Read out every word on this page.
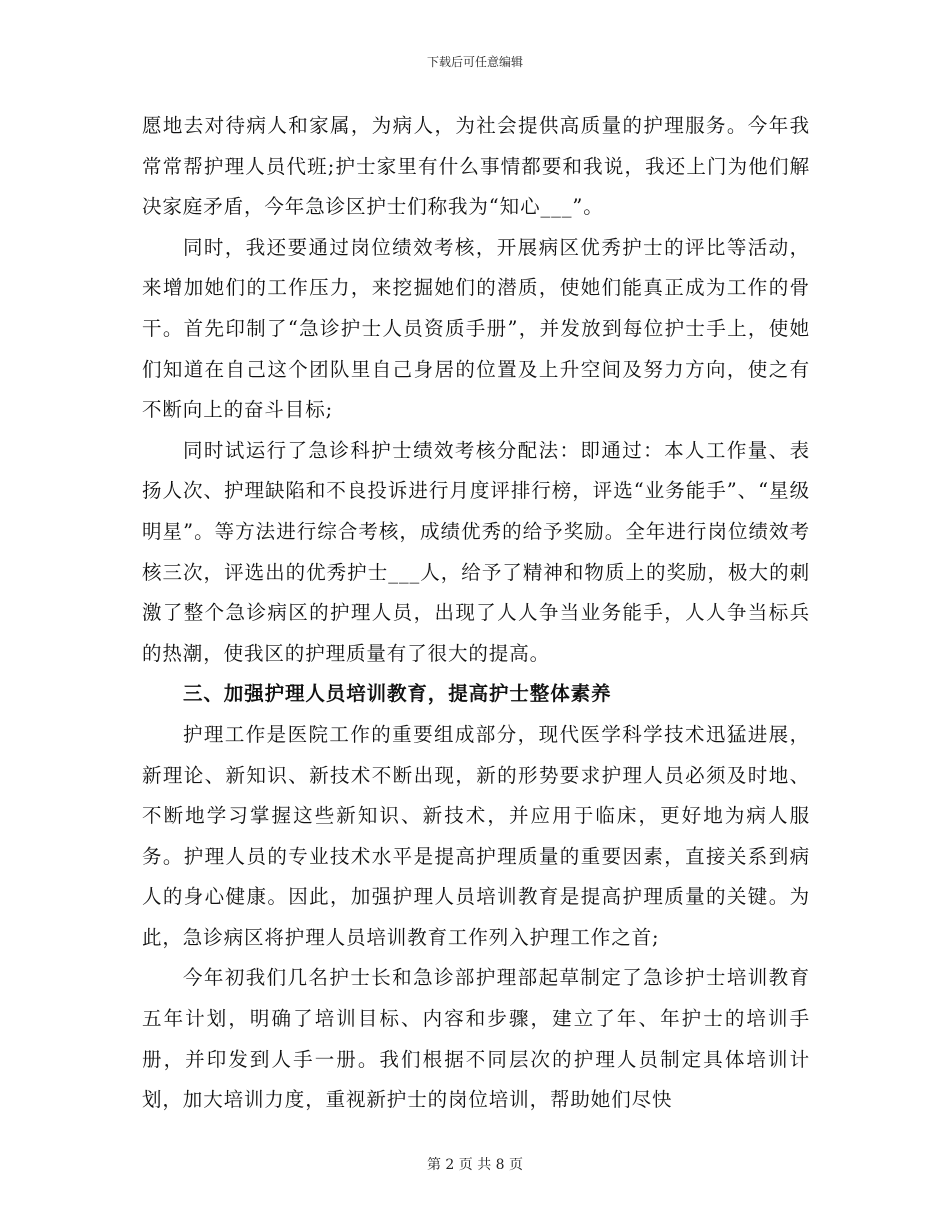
下载后可任意编辑

愿地去对待病人和家属，为病人，为社会提供高质量的护理服务。今年我常常帮护理人员代班;护士家里有什么事情都要和我说，我还上门为他们解决家庭矛盾，今年急诊区护士们称我为“知心___”。

同时，我还要通过岗位绩效考核，开展病区优秀护士的评比等活动，来增加她们的工作压力，来挖掘她们的潜质，使她们能真正成为工作的骨干。首先印制了“急诊护士人员资质手册”，并发放到每位护士手上，使她们知道在自己这个团队里自己身居的位置及上升空间及努力方向，使之有不断向上的奋斗目标;

同时试运行了急诊科护士绩效考核分配法：即通过：本人工作量、表扬人次、护理缺陷和不良投诉进行月度评排行榜，评选“业务能手”、“星级明星”。等方法进行综合考核，成绩优秀的给予奖励。全年进行岗位绩效考核三次，评选出的优秀护士___人，给予了精神和物质上的奖励，极大的刺激了整个急诊病区的护理人员，出现了人人争当业务能手，人人争当标兵的热潮，使我区的护理质量有了很大的提高。

三、加强护理人员培训教育，提高护士整体素养

护理工作是医院工作的重要组成部分，现代医学科学技术迅猛进展，新理论、新知识、新技术不断出现，新的形势要求护理人员必须及时地、不断地学习掌握这些新知识、新技术，并应用于临床，更好地为病人服务。护理人员的专业技术水平是提高护理质量的重要因素，直接关系到病人的身心健康。因此，加强护理人员培训教育是提高护理质量的关键。为此，急诊病区将护理人员培训教育工作列入护理工作之首;

今年初我们几名护士长和急诊部护理部起草制定了急诊护士培训教育五年计划，明确了培训目标、内容和步骤，建立了年、年护士的培训手册，并印发到人手一册。我们根据不同层次的护理人员制定具体培训计划，加大培训力度，重视新护士的岗位培训，帮助她们尽快

第 2 页 共 8 页
